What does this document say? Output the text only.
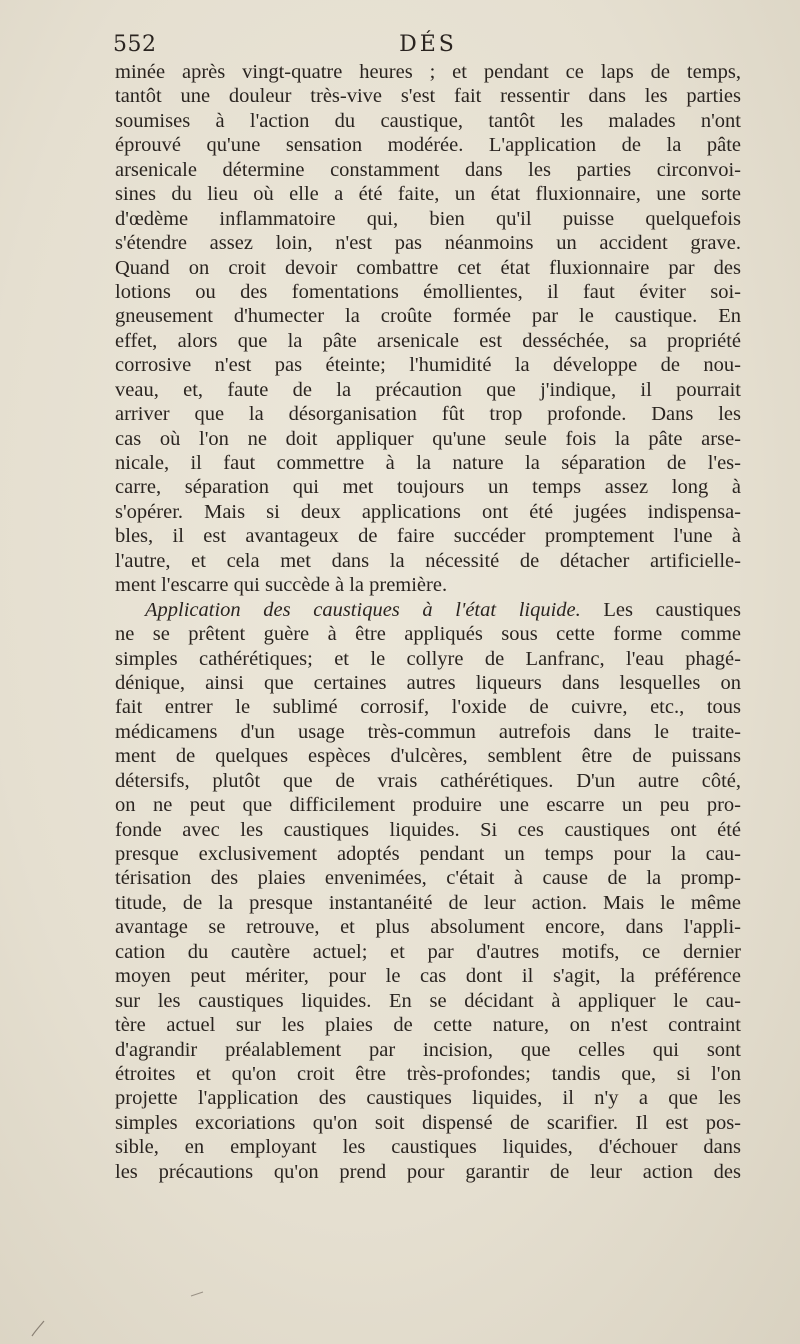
552	DÉS
minée après vingt-quatre heures ; et pendant ce laps de temps,
tantôt une douleur très-vive s'est fait ressentir dans les parties
soumises à l'action du caustique, tantôt les malades n'ont
éprouvé qu'une sensation modérée. L'application de la pâte
arsenicale détermine constamment dans les parties circonvoi-
sines du lieu où elle a été faite, un état fluxionnaire, une sorte
d'œdème inflammatoire qui, bien qu'il puisse quelquefois
s'étendre assez loin, n'est pas néanmoins un accident grave.
Quand on croit devoir combattre cet état fluxionnaire par des
lotions ou des fomentations émollientes, il faut éviter soi-
gneusement d'humecter la croûte formée par le caustique. En
effet, alors que la pâte arsenicale est desséchée, sa propriété
corrosive n'est pas éteinte; l'humidité la développe de nou-
veau, et, faute de la précaution que j'indique, il pourrait
arriver que la désorganisation fût trop profonde. Dans les
cas où l'on ne doit appliquer qu'une seule fois la pâte arse-
nicale, il faut commettre à la nature la séparation de l'es-
carre, séparation qui met toujours un temps assez long à
s'opérer. Mais si deux applications ont été jugées indispensa-
bles, il est avantageux de faire succéder promptement l'une à
l'autre, et cela met dans la nécessité de détacher artificielle-
ment l'escarre qui succède à la première.
Application des caustiques à l'état liquide. Les caustiques
ne se prêtent guère à être appliqués sous cette forme comme
simples cathérétiques; et le collyre de Lanfranc, l'eau phagé-
dénique, ainsi que certaines autres liqueurs dans lesquelles on
fait entrer le sublimé corrosif, l'oxide de cuivre, etc., tous
médicamens d'un usage très-commun autrefois dans le traite-
ment de quelques espèces d'ulcères, semblent être de puissans
détersifs, plutôt que de vrais cathérétiques. D'un autre côté,
on ne peut que difficilement produire une escarre un peu pro-
fonde avec les caustiques liquides. Si ces caustiques ont été
presque exclusivement adoptés pendant un temps pour la cau-
térisation des plaies envenimées, c'était à cause de la promp-
titude, de la presque instantanéité de leur action. Mais le même
avantage se retrouve, et plus absolument encore, dans l'appli-
cation du cautère actuel; et par d'autres motifs, ce dernier
moyen peut mériter, pour le cas dont il s'agit, la préférence
sur les caustiques liquides. En se décidant à appliquer le cau-
tère actuel sur les plaies de cette nature, on n'est contraint
d'agrandir préalablement par incision, que celles qui sont
étroites et qu'on croit être très-profondes; tandis que, si l'on
projette l'application des caustiques liquides, il n'y a que les
simples excoriations qu'on soit dispensé de scarifier. Il est pos-
sible, en employant les caustiques liquides, d'échouer dans
les précautions qu'on prend pour garantir de leur action des
